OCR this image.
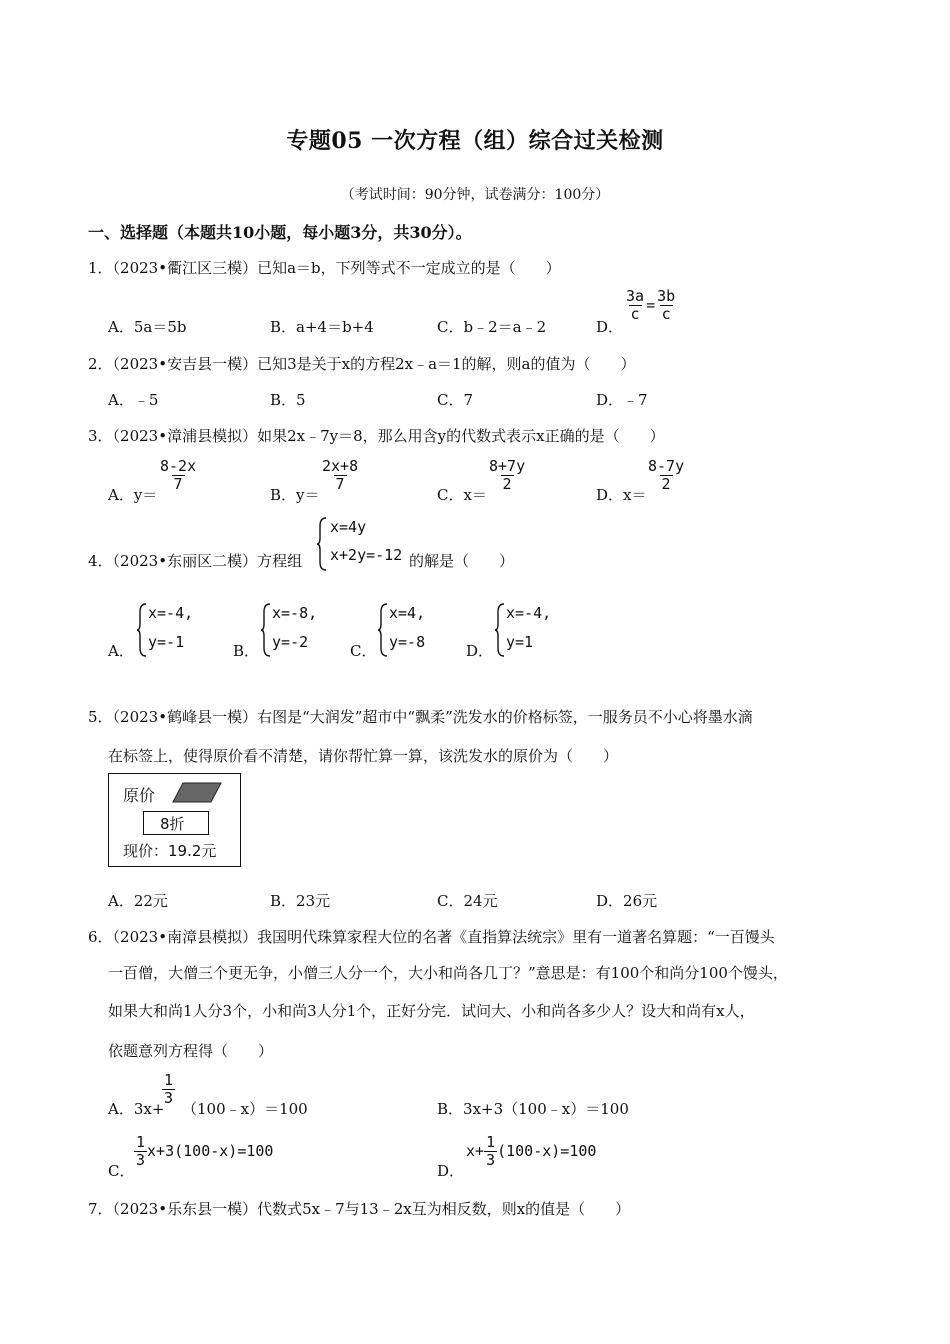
专题05 一次方程（组）综合过关检测
（考试时间：90分钟，试卷满分：100分）
一、选择题（本题共10小题，每小题3分，共30分）。
1．（2023•衢江区三模）已知a＝b，下列等式不一定成立的是（　　）
A．5a＝5b	B．a+4＝b+4	C．b﹣2＝a﹣2	D．
$\frac{3a}{c} = \frac{3b}{c}$
2．（2023•安吉县一模）已知3是关于x的方程2x﹣a＝1的解，则a的值为（　　）
A．﹣5	B．5	C．7	D．﹣7
3．（2023•漳浦县模拟）如果2x﹣7y＝8，那么用含y的代数式表示x正确的是（　　）
A．y＝
$\frac{8-2x}{7}$
B．y＝
$\frac{2x+8}{7}$
C．x＝
$\frac{8+7y}{2}$
D．x＝
$\frac{8-7y}{2}$
4．（2023•东丽区二模）方程组
x=4y
x+2y=-12 的解是（　　）
A．
x=-4,
y=-1	B．
x=-8,
y=-2	C．
x=4,
y=-8	D．
x=-4,
y=1
5．（2023•鹤峰县一模）右图是“大润发”超市中“飘柔”洗发水的价格标签，一服务员不小心将墨水滴
在标签上，使得原价看不清楚，请你帮忙算一算，该洗发水的原价为（　　）
原价
8折
现价：19.2元
A．22元	B．23元	C．24元	D．26元
6．（2023•南漳县模拟）我国明代珠算家程大位的名著《直指算法统宗》里有一道著名算题：“一百馒头
一百僧，大僧三个更无争，小僧三人分一个，大小和尚各几丁？”意思是：有100个和尚分100个馒头，
如果大和尚1人分3个，小和尚3人分1个，正好分完．试问大、小和尚各多少人？设大和尚有x人，
依题意列方程得（　　）
A．3x+
$\frac{1}{3}$
（100﹣x）＝100	B．3x+3（100﹣x）＝100
C．
$\frac{1}{3} x+3(100-x)=100$
D．
$x+ \frac{1}{3} (100-x)=100$
7．（2023•乐东县一模）代数式5x﹣7与13﹣2x互为相反数，则x的值是（　　）
